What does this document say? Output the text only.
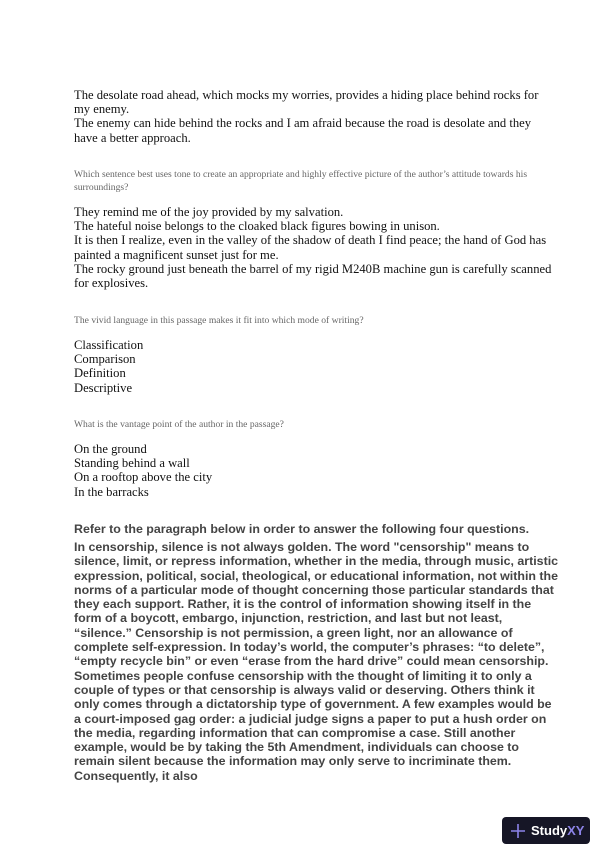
The desolate road ahead, which mocks my worries, provides a hiding place behind rocks for my enemy.
The enemy can hide behind the rocks and I am afraid because the road is desolate and they have a better approach.
Which sentence best uses tone to create an appropriate and highly effective picture of the author’s attitude towards his surroundings?
They remind me of the joy provided by my salvation.
The hateful noise belongs to the cloaked black figures bowing in unison.
It is then I realize, even in the valley of the shadow of death I find peace; the hand of God has painted a magnificent sunset just for me.
The rocky ground just beneath the barrel of my rigid M240B machine gun is carefully scanned for explosives.
The vivid language in this passage makes it fit into which mode of writing?
Classification
Comparison
Definition
Descriptive
What is the vantage point of the author in the passage?
On the ground
Standing behind a wall
On a rooftop above the city
In the barracks
Refer to the paragraph below in order to answer the following four questions.
In censorship, silence is not always golden. The word "censorship" means to silence, limit, or repress information, whether in the media, through music, artistic expression, political, social, theological, or educational information, not within the norms of a particular mode of thought concerning those particular standards that they each support. Rather, it is the control of information showing itself in the form of a boycott, embargo, injunction, restriction, and last but not least, “silence.” Censorship is not permission, a green light, nor an allowance of complete self-expression. In today’s world, the computer’s phrases: “to delete”, “empty recycle bin” or even “erase from the hard drive” could mean censorship. Sometimes people confuse censorship with the thought of limiting it to only a couple of types or that censorship is always valid or deserving. Others think it only comes through a dictatorship type of government. A few examples would be a court-imposed gag order: a judicial judge signs a paper to put a hush order on the media, regarding information that can compromise a case. Still another example, would be by taking the 5th Amendment, individuals can choose to remain silent because the information may only serve to incriminate them. Consequently, it also
Study XY
